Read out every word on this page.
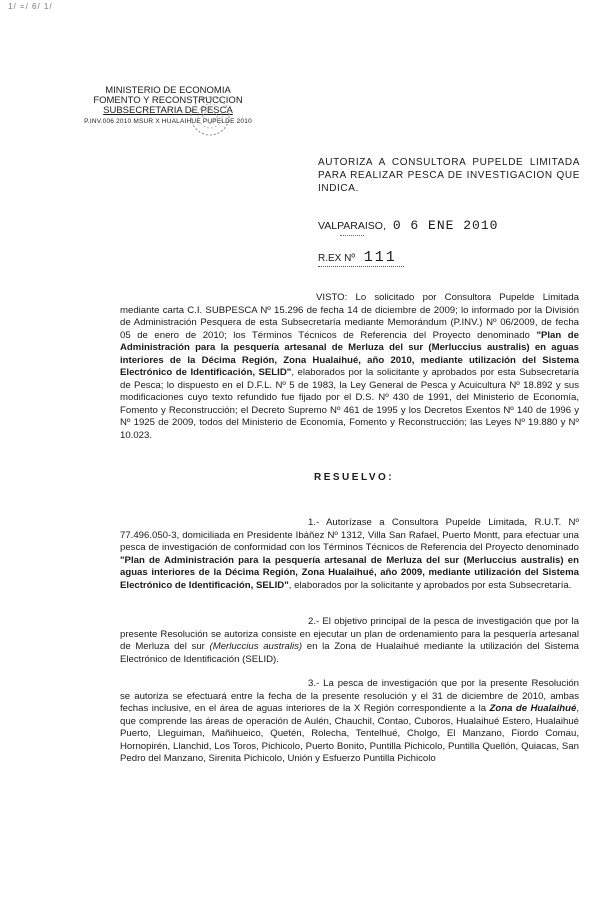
1/ =/ 6/ 1/
MINISTERIO DE ECONOMIA
FOMENTO Y RECONSTRUCCION
SUBSECRETARIA DE PESCA
P.INV.006 2010 MSUR X HUALAIHUE PUPELDE 2010
AUTORIZA A CONSULTORA PUPELDE LIMITADA PARA REALIZAR PESCA DE INVESTIGACION QUE INDICA.
VALPARAISO, 0 6 ENE 2010
R.EX Nº 111

VISTO: Lo solicitado por Consultora Pupelde Limitada mediante carta C.I. SUBPESCA Nº 15.296 de fecha 14 de diciembre de 2009; lo informado por la División de Administración Pesquera de esta Subsecretaría mediante Memorándum (P.INV.) Nº 06/2009, de fecha 05 de enero de 2010; los Términos Técnicos de Referencia del Proyecto denominado "Plan de Administración para la pesquería artesanal de Merluza del sur (Merluccius australis) en aguas interiores de la Décima Región, Zona Hualaihué, año 2010, mediante utilización del Sistema Electrónico de Identificación, SELID", elaborados por la solicitante y aprobados por esta Subsecretaría de Pesca; lo dispuesto en el D.F.L. Nº 5 de 1983, la Ley General de Pesca y Acuicultura Nº 18.892 y sus modificaciones cuyo texto refundido fue fijado por el D.S. Nº 430 de 1991, del Ministerio de Economía, Fomento y Reconstrucción; el Decreto Supremo Nº 461 de 1995 y los Decretos Exentos Nº 140 de 1996 y Nº 1925 de 2009, todos del Ministerio de Economía, Fomento y Reconstrucción; las Leyes Nº 19.880 y Nº 10.023.

RESUELVO:

1.- Autorízase a Consultora Pupelde Limitada, R.U.T. Nº 77.496.050-3, domiciliada en Presidente Ibáñez Nº 1312, Villa San Rafael, Puerto Montt, para efectuar una pesca de investigación de conformidad con los Términos Técnicos de Referencia del Proyecto denominado "Plan de Administración para la pesquería artesanal de Merluza del sur (Merluccius australis) en aguas interiores de la Décima Región, Zona Hualaihué, año 2009, mediante utilización del Sistema Electrónico de Identificación, SELID", elaborados por la solicitante y aprobados por esta Subsecretaría.

2.- El objetivo principal de la pesca de investigación que por la presente Resolución se autoriza consiste en ejecutar un plan de ordenamiento para la pesquería artesanal de Merluza del sur (Merluccius australis) en la Zona de Hualaihué mediante la utilización del Sistema Electrónico de Identificación (SELID).

3.- La pesca de investigación que por la presente Resolución se autoriza se efectuará entre la fecha de la presente resolución y el 31 de diciembre de 2010, ambas fechas inclusive, en el área de aguas interiores de la X Región correspondiente a la Zona de Hualaihué, que comprende las áreas de operación de Aulén, Chauchil, Contao, Cuboros, Hualaihué Estero, Hualaihué Puerto, Lleguiman, Mañihueico, Quetén, Rolecha, Tentelhué, Cholgo, El Manzano, Fiordo Comau, Hornopirén, Llanchid, Los Toros, Pichicolo, Puerto Bonito, Puntilla Pichicolo, Puntilla Quellón, Quiacas, San Pedro del Manzano, Sirenita Pichicolo, Unión y Esfuerzo Puntilla Pichicolo
